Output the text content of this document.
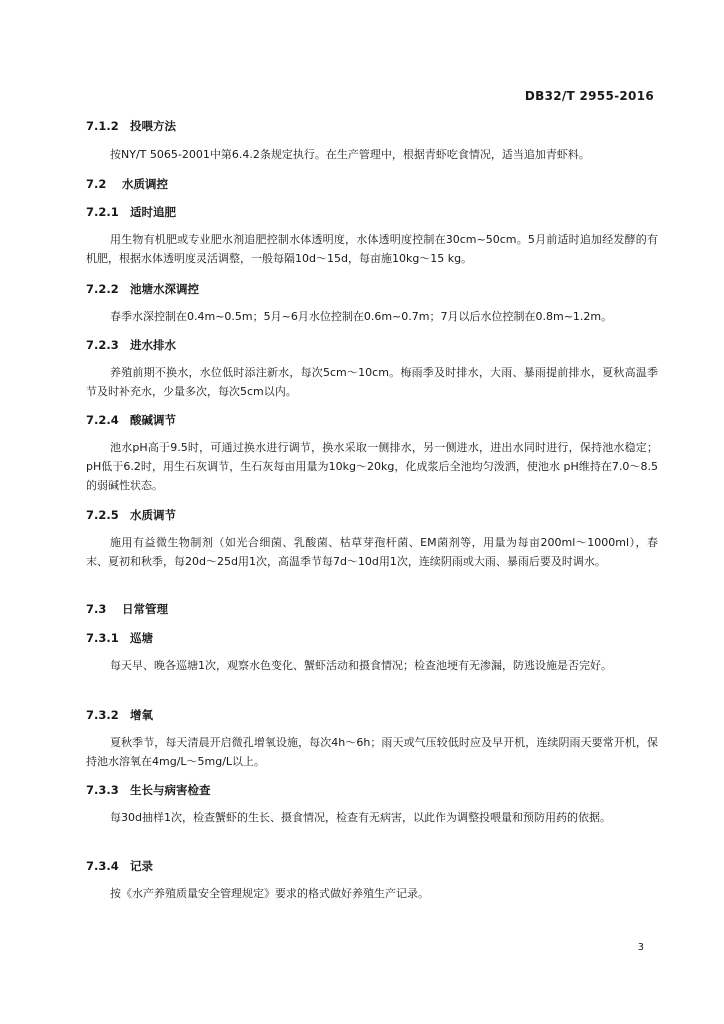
DB32/T 2955-2016
7.1.2 投喂方法

按NY/T 5065-2001中第6.4.2条规定执行。在生产管理中，根据青虾吃食情况，适当追加青虾料。

7.2 水质调控
7.2.1 适时追肥

用生物有机肥或专业肥水剂追肥控制水体透明度，水体透明度控制在30cm~50cm。5月前适时追加经发酵的有机肥，根据水体透明度灵活调整，一般每隔10d～15d，每亩施10kg～15 kg。

7.2.2 池塘水深调控

春季水深控制在0.4m~0.5m；5月~6月水位控制在0.6m~0.7m；7月以后水位控制在0.8m~1.2m。

7.2.3 进水排水

养殖前期不换水，水位低时添注新水，每次5cm～10cm。梅雨季及时排水，大雨、暴雨提前排水，夏秋高温季节及时补充水，少量多次，每次5cm以内。

7.2.4 酸碱调节

池水pH高于9.5时，可通过换水进行调节，换水采取一侧排水，另一侧进水，进出水同时进行，保持池水稳定； pH低于6.2时，用生石灰调节，生石灰每亩用量为10kg～20kg，化成浆后全池均匀泼洒，使池水 pH维持在7.0～8.5的弱碱性状态。

7.2.5 水质调节

施用有益微生物制剂（如光合细菌、乳酸菌、枯草芽孢杆菌、EM菌剂等，用量为每亩200ml～1000ml），春末、夏初和秋季，每20d～25d用1次，高温季节每7d～10d用1次，连续阴雨或大雨、暴雨后要及时调水。

7.3 日常管理
7.3.1 巡塘

每天早、晚各巡塘1次，观察水色变化、蟹虾活动和摄食情况；检查池埂有无渗漏，防逃设施是否完好。

7.3.2 增氧

夏秋季节，每天清晨开启微孔增氧设施，每次4h～6h；雨天或气压较低时应及早开机，连续阴雨天要常开机，保持池水溶氧在4mg/L～5mg/L以上。

7.3.3 生长与病害检查

每30d抽样1次，检查蟹虾的生长、摄食情况，检查有无病害，以此作为调整投喂量和预防用药的依据。

7.3.4 记录

按《水产养殖质量安全管理规定》要求的格式做好养殖生产记录。

3
